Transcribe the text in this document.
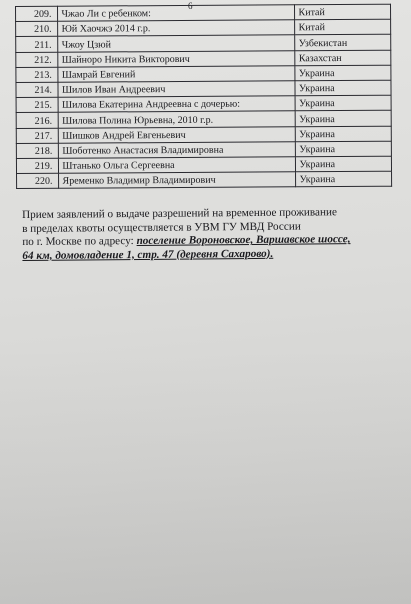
6
209.	Чжао Ли с ребенком:	Китай
210.	Юй Хаочжэ 2014 г.р.	Китай
211.	Чжоу Цзюй	Узбекистан
212.	Шайноро Никита Викторович	Казахстан
213.	Шамрай Евгений	Украина
214.	Шилов Иван Андреевич	Украина
215.	Шилова Екатерина Андреевна с дочерью:	Украина
216.	Шилова Полина Юрьевна, 2010 г.р.	Украина
217.	Шишков Андрей Евгеньевич	Украина
218.	Шоботенко Анастасия Владимировна	Украина
219.	Штанько Ольга Сергеевна	Украина
220.	Яременко Владимир Владимирович	Украина
Прием заявлений о выдаче разрешений на временное проживание
в пределах квоты осуществляется в УВМ ГУ МВД России
по г. Москве по адресу: поселение Вороновское, Варшавское шоссе,
64 км, домовладение 1, стр. 47 (деревня Сахарово).
